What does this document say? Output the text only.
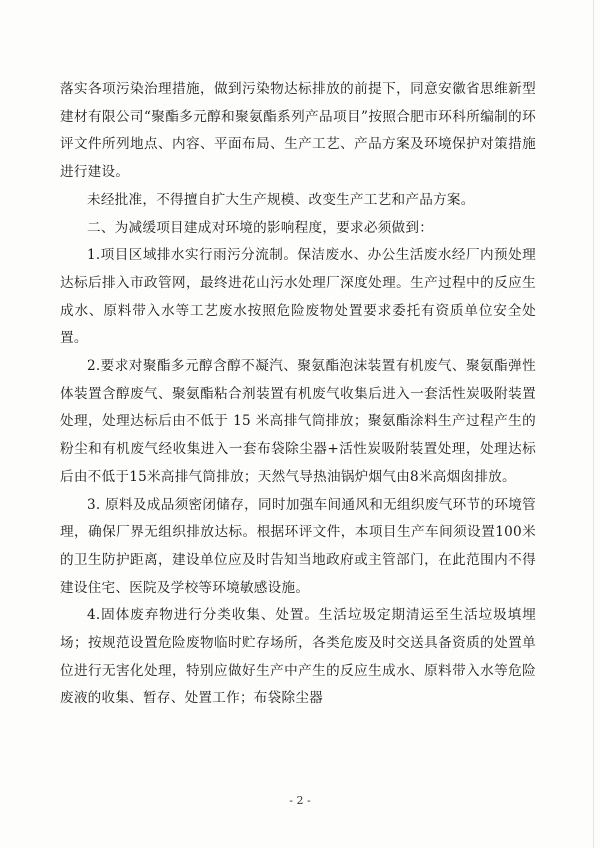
落实各项污染治理措施，做到污染物达标排放的前提下，同意安徽省思维新型建材有限公司“聚酯多元醇和聚氨酯系列产品项目”按照合肥市环科所编制的环评文件所列地点、内容、平面布局、生产工艺、产品方案及环境保护对策措施进行建设。

未经批准，不得擅自扩大生产规模、改变生产工艺和产品方案。

二、为减缓项目建成对环境的影响程度，要求必须做到：

1.项目区域排水实行雨污分流制。保洁废水、办公生活废水经厂内预处理达标后排入市政管网，最终进花山污水处理厂深度处理。生产过程中的反应生成水、原料带入水等工艺废水按照危险废物处置要求委托有资质单位安全处置。

2.要求对聚酯多元醇含醇不凝汽、聚氨酯泡沫装置有机废气、聚氨酯弹性体装置含醇废气、聚氨酯粘合剂装置有机废气收集后进入一套活性炭吸附装置处理，处理达标后由不低于 15 米高排气筒排放；聚氨酯涂料生产过程产生的粉尘和有机废气经收集进入一套布袋除尘器+活性炭吸附装置处理，处理达标后由不低于15米高排气筒排放；天然气导热油锅炉烟气由8米高烟囱排放。

3. 原料及成品须密闭储存，同时加强车间通风和无组织废气环节的环境管理，确保厂界无组织排放达标。根据环评文件，本项目生产车间须设置100米的卫生防护距离，建设单位应及时告知当地政府或主管部门，在此范围内不得建设住宅、医院及学校等环境敏感设施。

4.固体废弃物进行分类收集、处置。生活垃圾定期清运至生活垃圾填埋场；按规范设置危险废物临时贮存场所，各类危废及时交送具备资质的处置单位进行无害化处理，特别应做好生产中产生的反应生成水、原料带入水等危险废液的收集、暂存、处置工作；布袋除尘器

- 2 -
